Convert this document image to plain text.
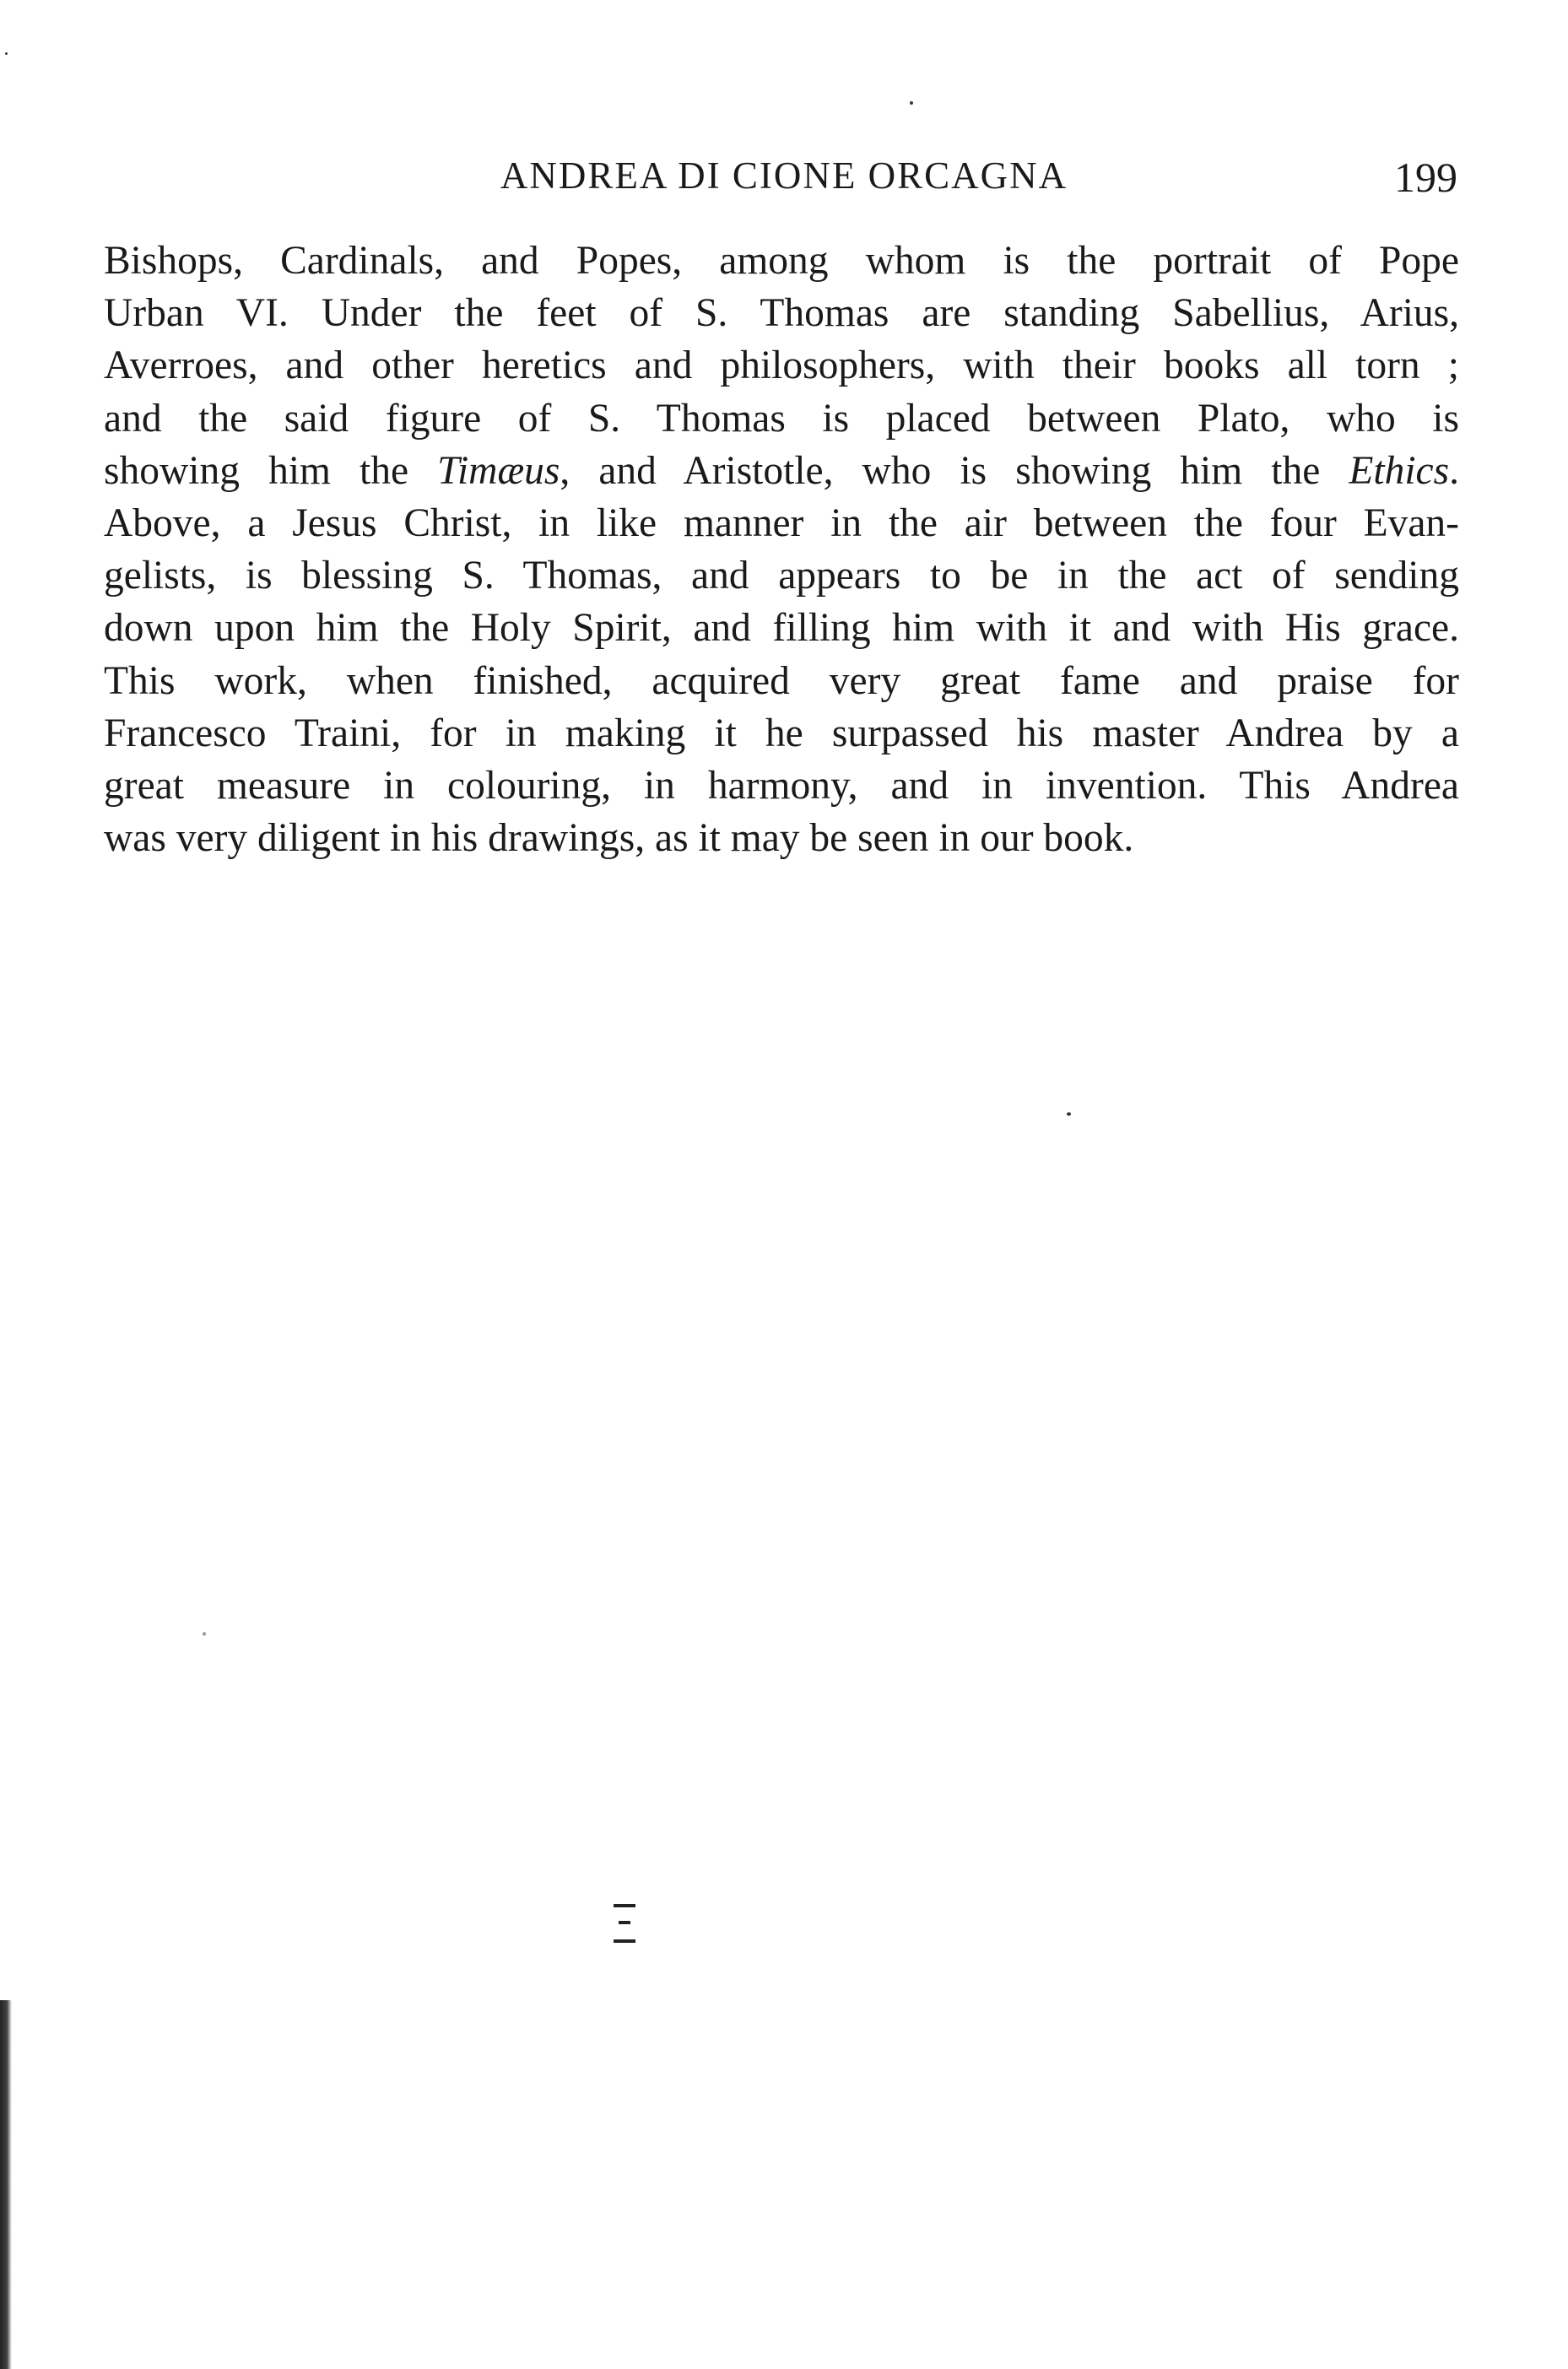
ANDREA DI CIONE ORCAGNA	199
Bishops, Cardinals, and Popes, among whom is the portrait of Pope
Urban VI. Under the feet of S. Thomas are standing Sabellius, Arius,
Averroes, and other heretics and philosophers, with their books all torn ;
and the said figure of S. Thomas is placed between Plato, who is
showing him the Timæus, and Aristotle, who is showing him the Ethics.
Above, a Jesus Christ, in like manner in the air between the four Evan-
gelists, is blessing S. Thomas, and appears to be in the act of sending
down upon him the Holy Spirit, and filling him with it and with His grace.
This work, when finished, acquired very great fame and praise for
Francesco Traini, for in making it he surpassed his master Andrea by a
great measure in colouring, in harmony, and in invention. This Andrea
was very diligent in his drawings, as it may be seen in our book.
